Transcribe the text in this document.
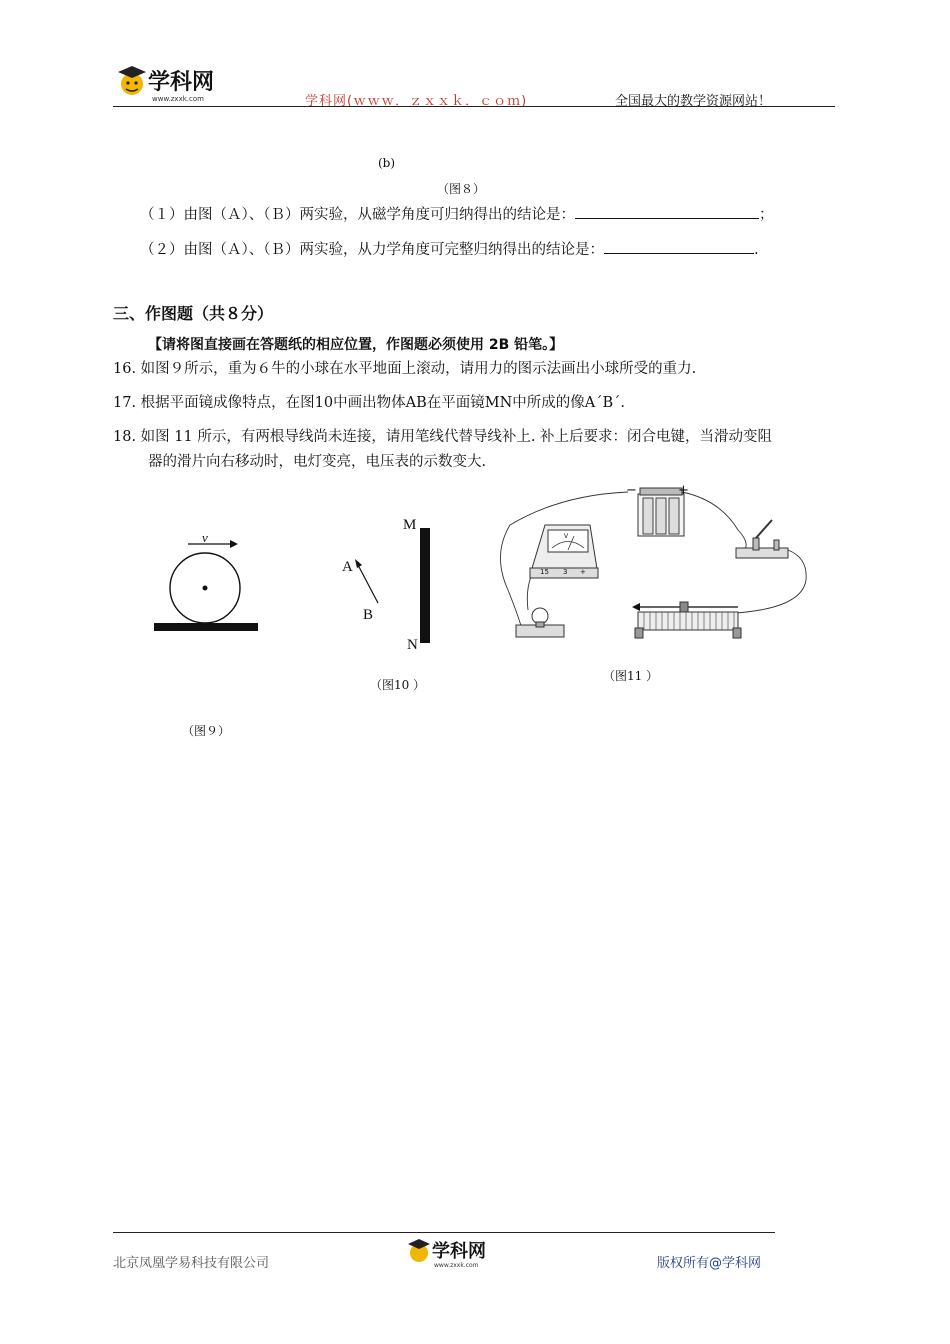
学科网
www.zxxk.com	学科网(ｗｗｗ．ｚｘｘｋ．ｃｏｍ)	全国最大的教学资源网站！
(b)
（图８）
（１）由图（Ａ）、（Ｂ）两实验，从磁学角度可归纳得出的结论是：	；
（２）由图（Ａ）、（Ｂ）两实验，从力学角度可完整归纳得出的结论是：	.
三、作图题（共８分）
【请将图直接画在答题纸的相应位置，作图题必须使用 2B 铅笔。】
16. 如图９所示，重为６牛的小球在水平地面上滚动，请用力的图示法画出小球所受的重力.
17. 根据平面镜成像特点，在图10中画出物体AB在平面镜MN中所成的像A´B´.
18. 如图 11 所示，有两根导线尚未连接，请用笔线代替导线补上. 补上后要求：闭合电键，当滑动变阻
器的滑片向右移动时，电灯变亮，电压表的示数变大.
v
（图９）
M
N
A
B
（图10 ）
−	+
V
15 3 +
（图11 ）
北京凤凰学易科技有限公司
学科网
www.zxxk.com	版权所有@学科网
